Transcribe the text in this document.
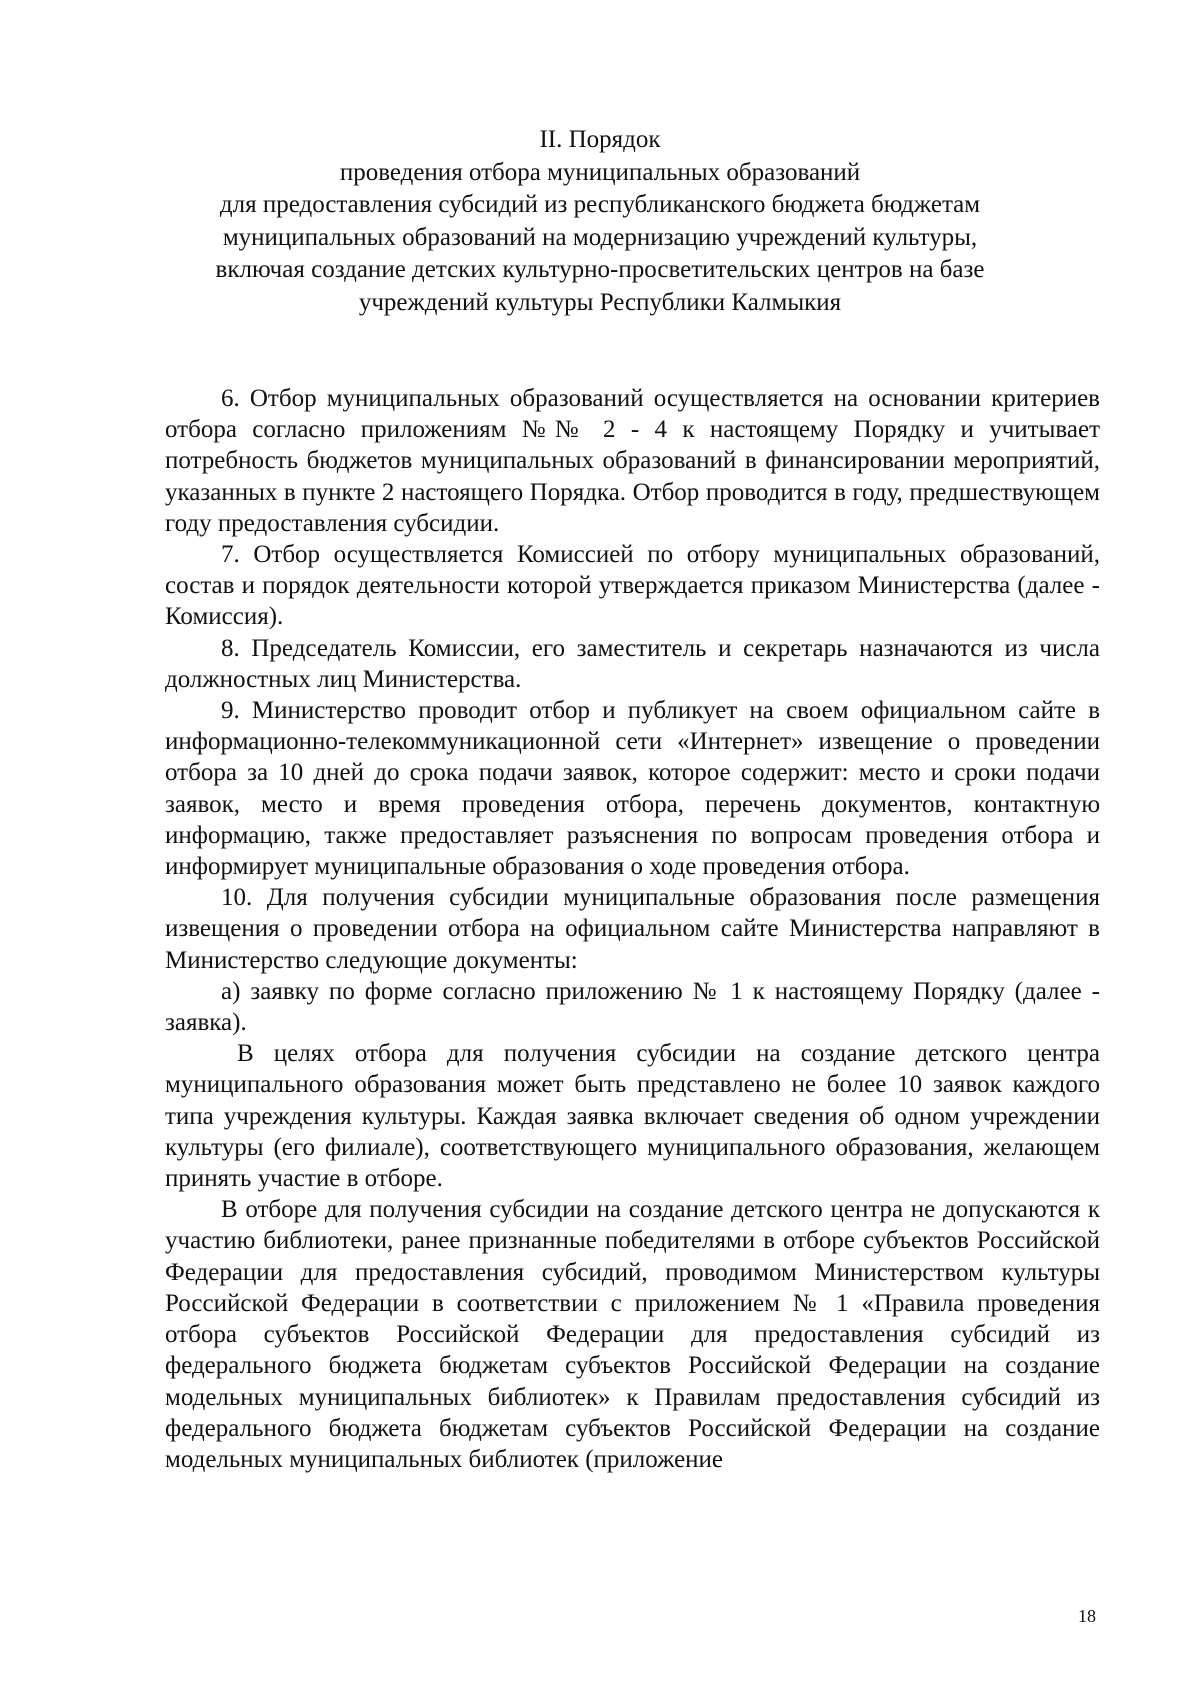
II. Порядок
проведения отбора муниципальных образований
для предоставления субсидий из республиканского бюджета бюджетам
муниципальных образований на модернизацию учреждений культуры,
включая создание детских культурно-просветительских центров на базе
учреждений культуры Республики Калмыкия

6. Отбор муниципальных образований осуществляется на основании критериев отбора согласно приложениям №№ 2 - 4 к настоящему Порядку и учитывает потребность бюджетов муниципальных образований в финансировании мероприятий, указанных в пункте 2 настоящего Порядка. Отбор проводится в году, предшествующем году предоставления субсидии.

7. Отбор осуществляется Комиссией по отбору муниципальных образований, состав и порядок деятельности которой утверждается приказом Министерства (далее - Комиссия).

8. Председатель Комиссии, его заместитель и секретарь назначаются из числа должностных лиц Министерства.

9. Министерство проводит отбор и публикует на своем официальном сайте в информационно-телекоммуникационной сети «Интернет» извещение о проведении отбора за 10 дней до срока подачи заявок, которое содержит: место и сроки подачи заявок, место и время проведения отбора, перечень документов, контактную информацию, также предоставляет разъяснения по вопросам проведения отбора и информирует муниципальные образования о ходе проведения отбора.

10. Для получения субсидии муниципальные образования после размещения извещения о проведении отбора на официальном сайте Министерства направляют в Министерство следующие документы:

а) заявку по форме согласно приложению № 1 к настоящему Порядку (далее - заявка).

В целях отбора для получения субсидии на создание детского центра муниципального образования может быть представлено не более 10 заявок каждого типа учреждения культуры. Каждая заявка включает сведения об одном учреждении культуры (его филиале), соответствующего муниципального образования, желающем принять участие в отборе.

В отборе для получения субсидии на создание детского центра не допускаются к участию библиотеки, ранее признанные победителями в отборе субъектов Российской Федерации для предоставления субсидий, проводимом Министерством культуры Российской Федерации в соответствии с приложением № 1 «Правила проведения отбора субъектов Российской Федерации для предоставления субсидий из федерального бюджета бюджетам субъектов Российской Федерации на создание модельных муниципальных библиотек» к Правилам предоставления субсидий из федерального бюджета бюджетам субъектов Российской Федерации на создание модельных муниципальных библиотек (приложение

18
